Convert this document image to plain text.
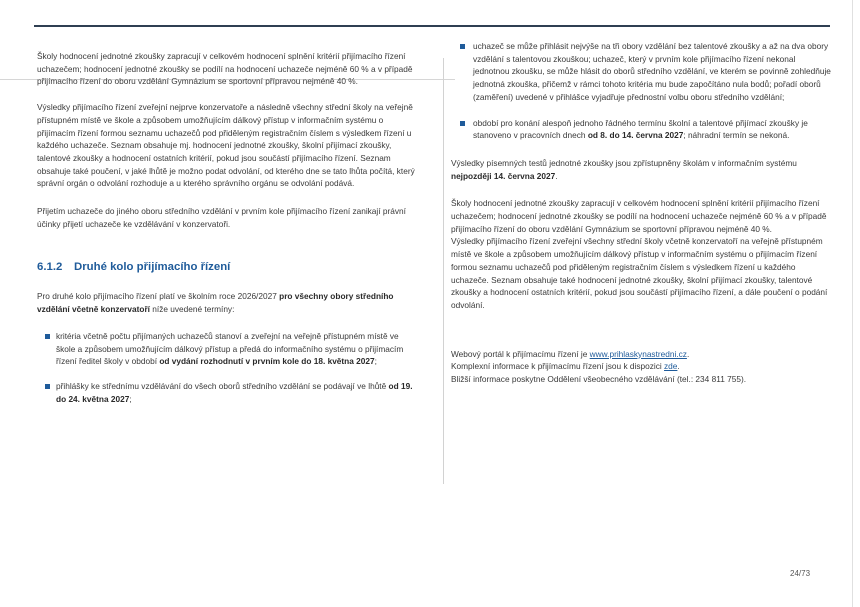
Školy hodnocení jednotné zkoušky zapracují v celkovém hodnocení splnění kritérií přijímacího řízení uchazečem; hodnocení jednotné zkoušky se podílí na hodnocení uchazeče nejméně 60 % a v případě přijímacího řízení do oboru vzdělání Gymnázium se sportovní přípravou nejméně 40 %.

Výsledky přijímacího řízení zveřejní nejprve konzervatoře a následně všechny střední školy na veřejně přístupném místě ve škole a způsobem umožňujícím dálkový přístup v informačním systému o přijímacím řízení formou seznamu uchazečů pod přiděleným registračním číslem s výsledkem řízení u každého uchazeče. Seznam obsahuje mj. hodnocení jednotné zkoušky, školní přijímací zkoušky, talentové zkoušky a hodnocení ostatních kritérií, pokud jsou součástí přijímacího řízení. Seznam obsahuje také poučení, v jaké lhůtě je možno podat odvolání, od kterého dne se tato lhůta počítá, který správní orgán o odvolání rozhoduje a u kterého správního orgánu se odvolání podává.

Přijetím uchazeče do jiného oboru středního vzdělání v prvním kole přijímacího řízení zanikají právní účinky přijetí uchazeče ke vzdělávání v konzervatoři.

6.1.2 Druhé kolo přijímacího řízení

Pro druhé kolo přijímacího řízení platí ve školním roce 2026/2027 pro všechny obory středního vzdělání včetně konzervatoří níže uvedené termíny:

kritéria včetně počtu přijímaných uchazečů stanoví a zveřejní na veřejně přístupném místě ve škole a způsobem umožňujícím dálkový přístup a předá do informačního systému o přijímacím řízení ředitel školy v období od vydání rozhodnutí v prvním kole do 18. května 2027;
přihlášky ke střednímu vzdělávání do všech oborů středního vzdělání se podávají ve lhůtě od 19. do 24. května 2027;
uchazeč se může přihlásit nejvýše na tři obory vzdělání bez talentové zkoušky a až na dva obory vzdělání s talentovou zkouškou; uchazeč, který v prvním kole přijímacího řízení nekonal jednotnou zkoušku, se může hlásit do oborů středního vzdělání, ve kterém se povinně zohledňuje jednotná zkouška, přičemž v rámci tohoto kritéria mu bude započítáno nula bodů; pořadí oborů (zaměření) uvedené v přihlášce vyjadřuje přednostní volbu oboru středního vzdělání;
období pro konání alespoň jednoho řádného termínu školní a talentové přijímací zkoušky je stanoveno v pracovních dnech od 8. do 14. června 2027; náhradní termín se nekoná.

Výsledky písemných testů jednotné zkoušky jsou zpřístupněny školám v informačním systému nejpozději 14. června 2027.

Školy hodnocení jednotné zkoušky zapracují v celkovém hodnocení splnění kritérií přijímacího řízení uchazečem; hodnocení jednotné zkoušky se podílí na hodnocení uchazeče nejméně 60 % a v případě přijímacího řízení do oboru vzdělání Gymnázium se sportovní přípravou nejméně 40 %.

Výsledky přijímacího řízení zveřejní všechny střední školy včetně konzervatoří na veřejně přístupném místě ve škole a způsobem umožňujícím dálkový přístup v informačním systému o přijímacím řízení formou seznamu uchazečů pod přiděleným registračním číslem s výsledkem řízení u každého uchazeče. Seznam obsahuje také hodnocení jednotné zkoušky, školní přijímací zkoušky, talentové zkoušky a hodnocení ostatních kritérií, pokud jsou součástí přijímacího řízení, a dále poučení o podání odvolání.

Webový portál k přijímacímu řízení je www.prihlaskynastredni.cz.

Komplexní informace k přijímacímu řízení jsou k dispozici zde.

Bližší informace poskytne Oddělení všeobecného vzdělávání (tel.: 234 811 755).

24/73
